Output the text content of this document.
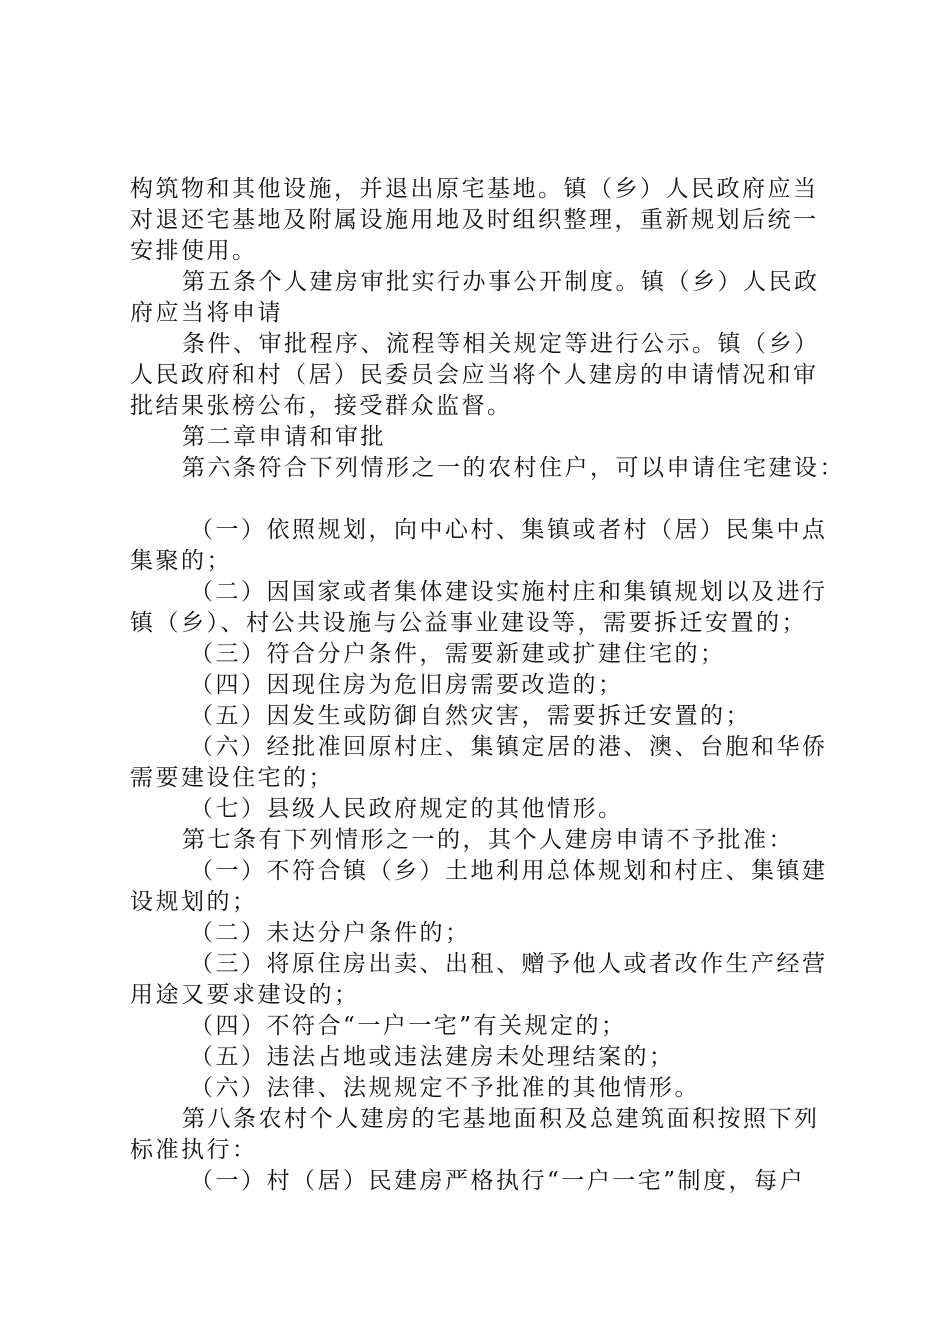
构筑物和其他设施，并退出原宅基地。镇（乡）人民政府应当
对退还宅基地及附属设施用地及时组织整理，重新规划后统一
安排使用。
第五条个人建房审批实行办事公开制度。镇（乡）人民政
府应当将申请
条件、审批程序、流程等相关规定等进行公示。镇（乡）
人民政府和村（居）民委员会应当将个人建房的申请情况和审
批结果张榜公布，接受群众监督。
第二章申请和审批
第六条符合下列情形之一的农村住户，可以申请住宅建设：
（一）依照规划，向中心村、集镇或者村（居）民集中点
集聚的；
（二）因国家或者集体建设实施村庄和集镇规划以及进行
镇（乡）、村公共设施与公益事业建设等，需要拆迁安置的；
（三）符合分户条件，需要新建或扩建住宅的；
（四）因现住房为危旧房需要改造的；
（五）因发生或防御自然灾害，需要拆迁安置的；
（六）经批准回原村庄、集镇定居的港、澳、台胞和华侨
需要建设住宅的；
（七）县级人民政府规定的其他情形。
第七条有下列情形之一的，其个人建房申请不予批准：
（一）不符合镇（乡）土地利用总体规划和村庄、集镇建
设规划的；
（二）未达分户条件的；
（三）将原住房出卖、出租、赠予他人或者改作生产经营
用途又要求建设的；
（四）不符合“一户一宅”有关规定的；
（五）违法占地或违法建房未处理结案的；
（六）法律、法规规定不予批准的其他情形。
第八条农村个人建房的宅基地面积及总建筑面积按照下列
标准执行：
（一）村（居）民建房严格执行“一户一宅”制度，每户
